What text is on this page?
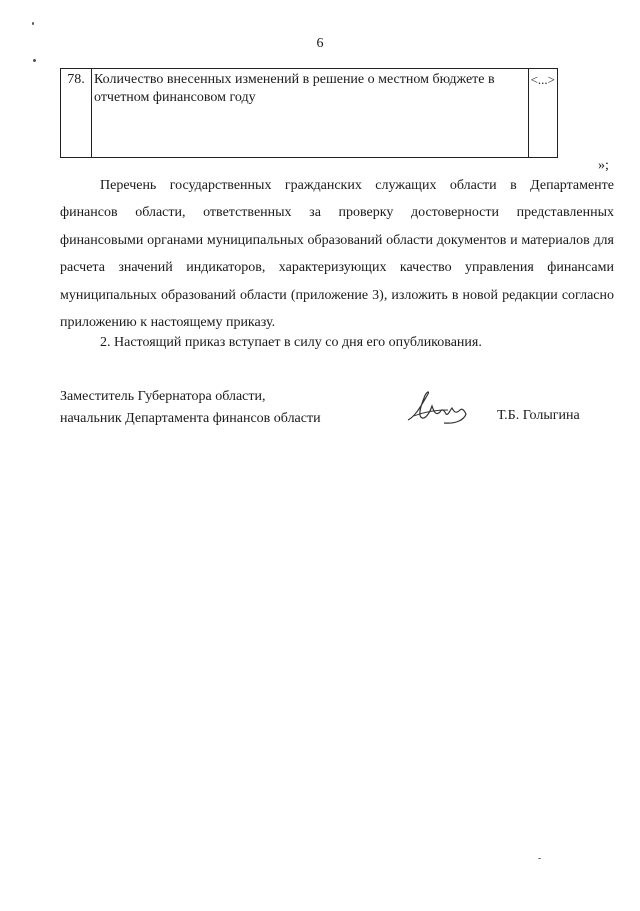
6
78.	Количество внесенных изменений в решение о местном бюджете в отчетном финансовом году	<...>
»;

Перечень государственных гражданских служащих области в Департаменте финансов области, ответственных за проверку достоверности представленных финансовыми органами муниципальных образований области документов и материалов для расчета значений индикаторов, характеризующих качество управления финансами муниципальных образований области (приложение 3), изложить в новой редакции согласно приложению к настоящему приказу.

2. Настоящий приказ вступает в силу со дня его опубликования.

Заместитель Губернатора области,
начальник Департамента финансов области	Т.Б. Голыгина
